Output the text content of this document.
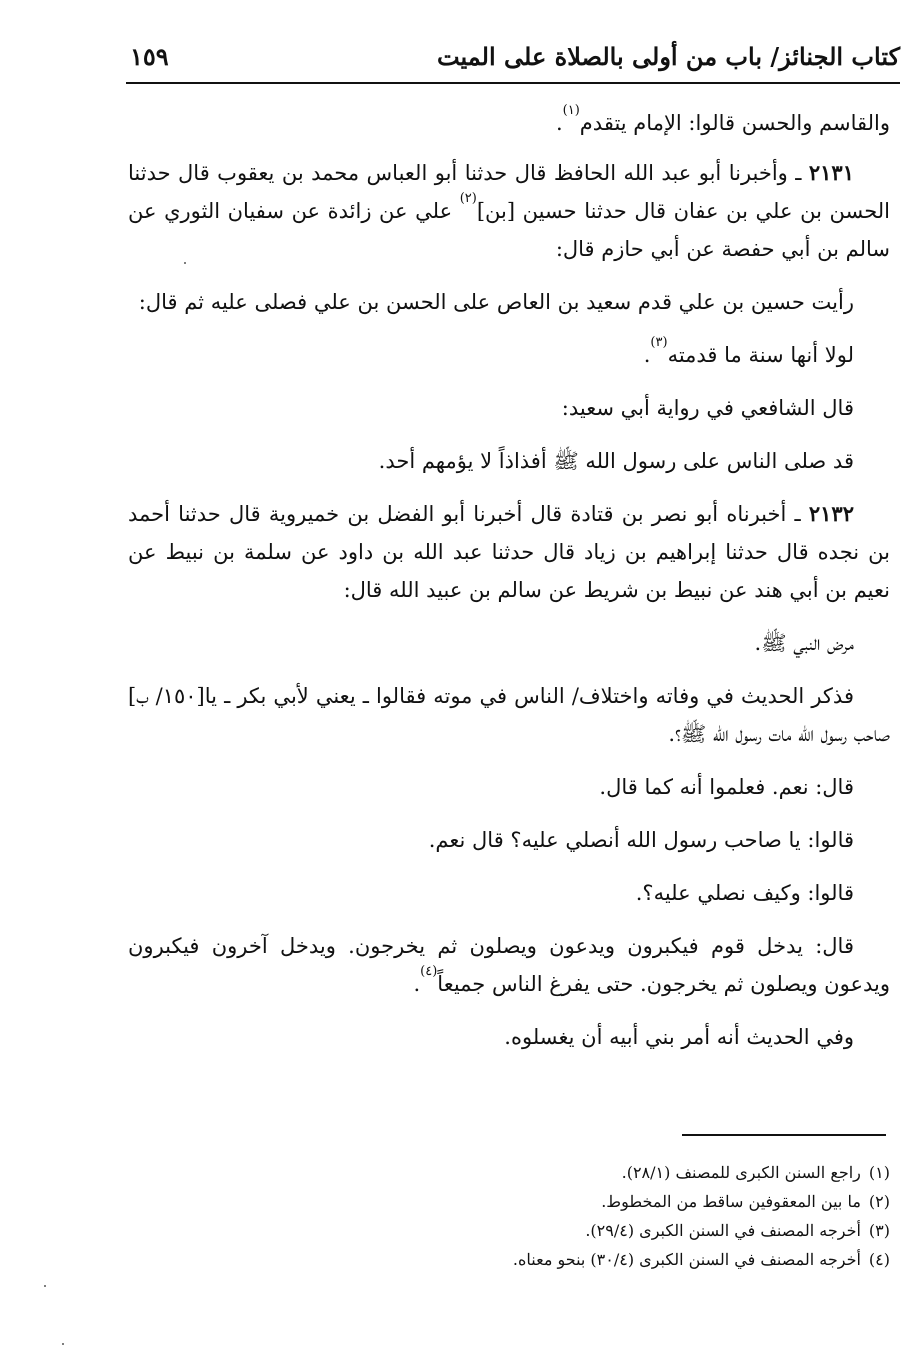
كتاب الجنائز/ باب من أولى بالصلاة على الميت
١٥٩

والقاسم والحسن قالوا: الإمام يتقدم$^{(١)}$.

٢١٣١ ـ وأخبرنا أبو عبد الله الحافظ قال حدثنا أبو العباس محمد بن يعقوب قال حدثنا الحسن بن علي بن عفان قال حدثنا حسين [بن]$^{(٢)}$ علي عن زائدة عن سفيان الثوري عن سالم بن أبي حفصة عن أبي حازم قال:

رأيت حسين بن علي قدم سعيد بن العاص على الحسن بن علي فصلى عليه ثم قال:

لولا أنها سنة ما قدمته$^{(٣)}$.

قال الشافعي في رواية أبي سعيد:

قد صلى الناس على رسول الله ﷺ أفذاذاً لا يؤمهم أحد.

٢١٣٢ ـ أخبرناه أبو نصر بن قتادة قال أخبرنا أبو الفضل بن خميروية قال حدثنا أحمد بن نجده قال حدثنا إبراهيم بن زياد قال حدثنا عبد الله بن داود عن سلمة بن نبيط عن نعيم بن أبي هند عن نبيط بن شريط عن سالم بن عبيد الله قال:

مرض النبي ﷺ.

فذكر الحديث في وفاته واختلاف/ الناس في موته فقالوا ـ يعني لأبي بكر ـ يا[١٥٠/ ب] صاحب رسول الله مات رسول الله ﷺ؟.

قال: نعم. فعلموا أنه كما قال.

قالوا: يا صاحب رسول الله أنصلي عليه؟ قال نعم.

قالوا: وكيف نصلي عليه؟.

قال: يدخل قوم فيكبرون ويدعون ويصلون ثم يخرجون. ويدخل آخرون فيكبرون ويدعون ويصلون ثم يخرجون. حتى يفرغ الناس جميعاً$^{(٤)}$.

وفي الحديث أنه أمر بني أبيه أن يغسلوه.

(١)راجع السنن الكبرى للمصنف (٢٨/١).

(٢)ما بين المعقوفين ساقط من المخطوط.

(٣)أخرجه المصنف في السنن الكبرى (٢٩/٤).

(٤)أخرجه المصنف في السنن الكبرى (٣٠/٤) بنحو معناه.
